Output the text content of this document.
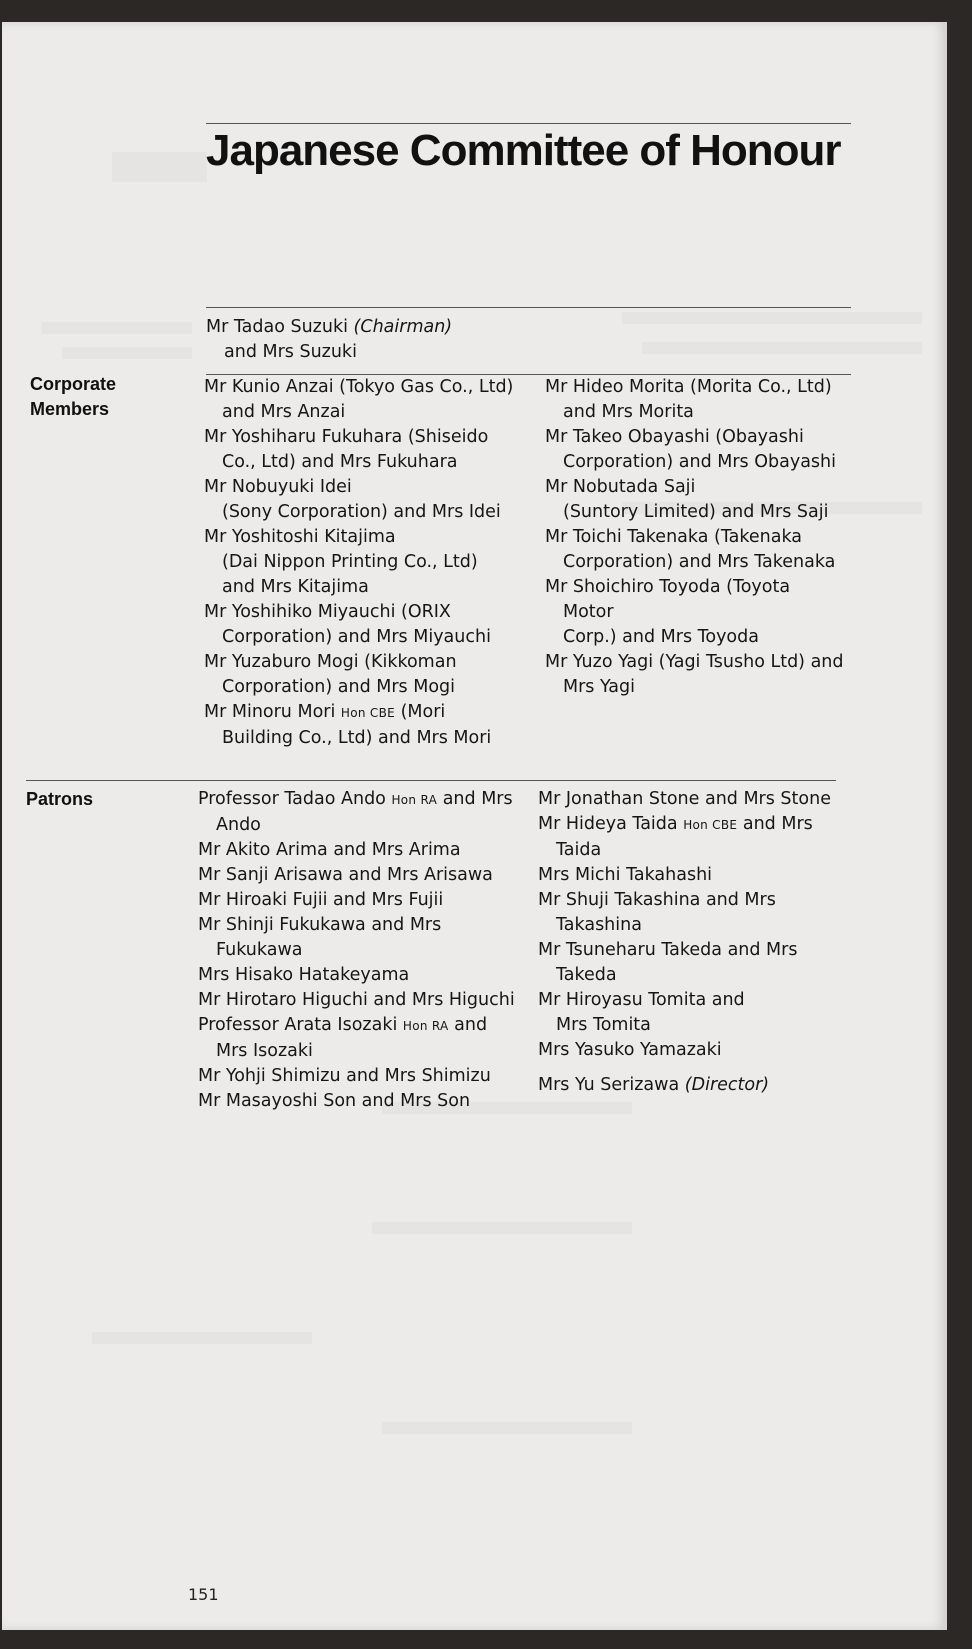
Japanese Committee of Honour

Mr Tadao Suzuki (Chairman)
and Mrs Suzuki

Corporate
Members

Mr Kunio Anzai (Tokyo Gas Co., Ltd) and Mrs Anzai

Mr Yoshiharu Fukuhara (Shiseido Co., Ltd) and Mrs Fukuhara

Mr Nobuyuki Idei
(Sony Corporation) and Mrs Idei

Mr Yoshitoshi Kitajima
(Dai Nippon Printing Co., Ltd)
and Mrs Kitajima

Mr Yoshihiko Miyauchi (ORIX Corporation) and Mrs Miyauchi

Mr Yuzaburo Mogi (Kikkoman Corporation) and Mrs Mogi

Mr Minoru Mori Hon CBE (Mori Building Co., Ltd) and Mrs Mori

Mr Hideo Morita (Morita Co., Ltd) and Mrs Morita

Mr Takeo Obayashi (Obayashi Corporation) and Mrs Obayashi

Mr Nobutada Saji
(Suntory Limited) and Mrs Saji

Mr Toichi Takenaka (Takenaka Corporation) and Mrs Takenaka

Mr Shoichiro Toyoda (Toyota
Motor
Corp.) and Mrs Toyoda

Mr Yuzo Yagi (Yagi Tsusho Ltd) and Mrs Yagi

Patrons	Professor Tadao Ando Hon RA and Mrs Ando

Mr Akito Arima and Mrs Arima

Mr Sanji Arisawa and Mrs Arisawa

Mr Hiroaki Fujii and Mrs Fujii

Mr Shinji Fukukawa and Mrs Fukukawa

Mrs Hisako Hatakeyama

Mr Hirotaro Higuchi and Mrs Higuchi

Professor Arata Isozaki Hon RA and Mrs Isozaki

Mr Yohji Shimizu and Mrs Shimizu

Mr Masayoshi Son and Mrs Son

Mr Jonathan Stone and Mrs Stone

Mr Hideya Taida Hon CBE and Mrs Taida

Mrs Michi Takahashi

Mr Shuji Takashina and Mrs Takashina

Mr Tsuneharu Takeda and Mrs Takeda

Mr Hiroyasu Tomita and
Mrs Tomita

Mrs Yasuko Yamazaki

Mrs Yu Serizawa (Director)

151
